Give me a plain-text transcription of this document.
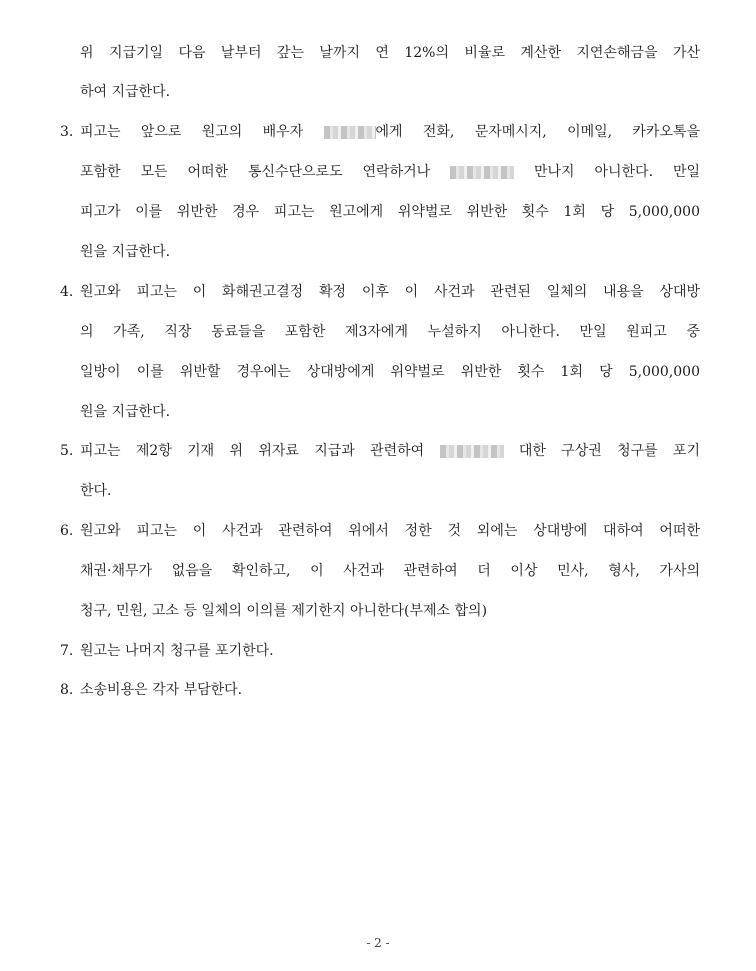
위 지급기일 다음 날부터 갚는 날까지 연 12%의 비율로 계산한 지연손해금을 가산
하여 지급한다.
3. 피고는 앞으로 원고의 배우자	에게 전화, 문자메시지, 이메일, 카카오톡을
포함한 모든 어떠한 통신수단으로도 연락하거나	만나지 아니한다. 만일
피고가 이를 위반한 경우 피고는 원고에게 위약벌로 위반한 횟수 1회 당 5,000,000
원을 지급한다.
4. 원고와 피고는 이 화해권고결정 확정 이후 이 사건과 관련된 일체의 내용을 상대방
의 가족, 직장 동료들을 포함한 제3자에게 누설하지 아니한다. 만일 원피고 중
일방이 이를 위반할 경우에는 상대방에게 위약벌로 위반한 횟수 1회 당 5,000,000
원을 지급한다.
5. 피고는 제2항 기재 위 위자료 지급과 관련하여	대한 구상권 청구를 포기
한다.
6. 원고와 피고는 이 사건과 관련하여 위에서 정한 것 외에는 상대방에 대하여 어떠한
채권·채무가 없음을 확인하고, 이 사건과 관련하여 더 이상 민사, 형사, 가사의
청구, 민원, 고소 등 일체의 이의를 제기한지 아니한다(부제소 합의)
7. 원고는 나머지 청구를 포기한다.
8. 소송비용은 각자 부담한다.
- 2 -
